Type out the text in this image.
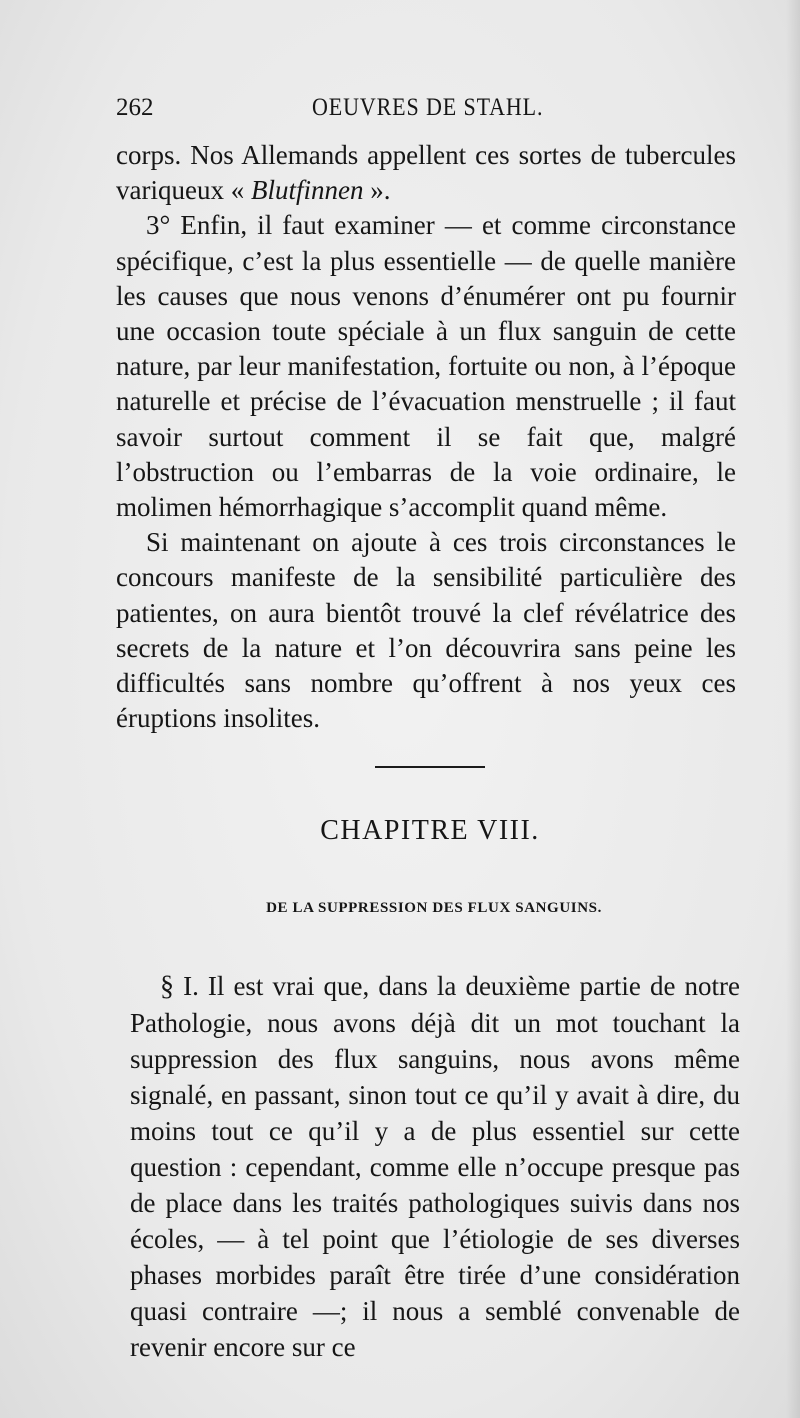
262	OEUVRES DE STAHL.

corps. Nos Allemands appellent ces sortes de tubercules variqueux « Blutfinnen ».

3° Enfin, il faut examiner — et comme circonstance spécifique, c’est la plus essentielle — de quelle manière les causes que nous venons d’énumérer ont pu fournir une occasion toute spéciale à un flux sanguin de cette nature, par leur manifestation, fortuite ou non, à l’époque naturelle et précise de l’évacuation menstruelle ; il faut savoir surtout comment il se fait que, malgré l’obstruction ou l’embarras de la voie ordinaire, le molimen hémorrhagique s’accomplit quand même.

Si maintenant on ajoute à ces trois circonstances le concours manifeste de la sensibilité particulière des patientes, on aura bientôt trouvé la clef révélatrice des secrets de la nature et l’on découvrira sans peine les difficultés sans nombre qu’offrent à nos yeux ces éruptions insolites.

CHAPITRE VIII.
DE LA SUPPRESSION DES FLUX SANGUINS.

§ I. Il est vrai que, dans la deuxième partie de notre Pathologie, nous avons déjà dit un mot touchant la suppression des flux sanguins, nous avons même signalé, en passant, sinon tout ce qu’il y avait à dire, du moins tout ce qu’il y a de plus essentiel sur cette question : cependant, comme elle n’occupe presque pas de place dans les traités pathologiques suivis dans nos écoles, — à tel point que l’étiologie de ses diverses phases morbides paraît être tirée d’une considération quasi contraire —; il nous a semblé convenable de revenir encore sur ce
